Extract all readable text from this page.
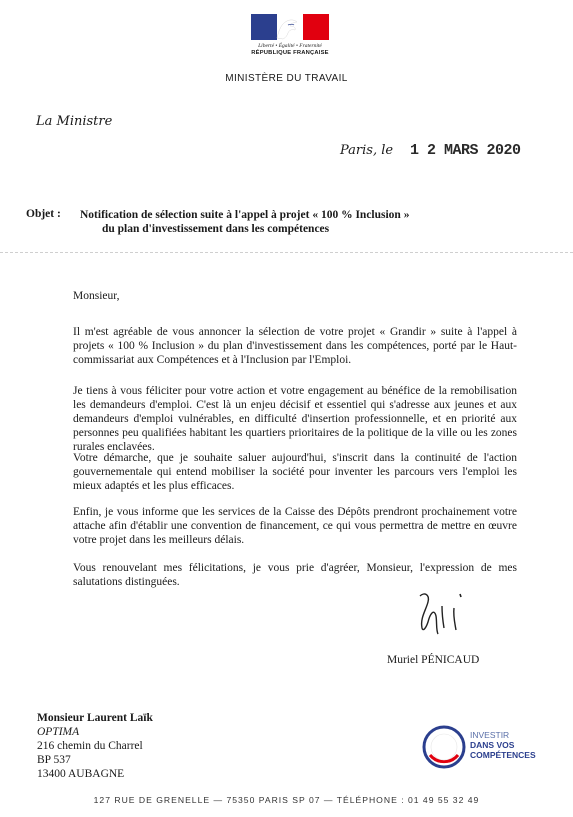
Liberté • Égalité • Fraternité
RÉPUBLIQUE FRANÇAISE
MINISTÈRE DU TRAVAIL
La Ministre
Paris, le 1 2 MARS 2020
Objet : Notification de sélection suite à l'appel à projet « 100 % Inclusion »
du plan d'investissement dans les compétences
Monsieur,
Il m'est agréable de vous annoncer la sélection de votre projet « Grandir » suite à l'appel à projets « 100 % Inclusion » du plan d'investissement dans les compétences, porté par le Haut-commissariat aux Compétences et à l'Inclusion par l'Emploi.
Je tiens à vous féliciter pour votre action et votre engagement au bénéfice de la remobilisation les demandeurs d'emploi. C'est là un enjeu décisif et essentiel qui s'adresse aux jeunes et aux demandeurs d'emploi vulnérables, en difficulté d'insertion professionnelle, et en priorité aux personnes peu qualifiées habitant les quartiers prioritaires de la politique de la ville ou les zones rurales enclavées.
Votre démarche, que je souhaite saluer aujourd'hui, s'inscrit dans la continuité de l'action gouvernementale qui entend mobiliser la société pour inventer les parcours vers l'emploi les mieux adaptés et les plus efficaces.
Enfin, je vous informe que les services de la Caisse des Dépôts prendront prochainement votre attache afin d'établir une convention de financement, ce qui vous permettra de mettre en œuvre votre projet dans les meilleurs délais.
Vous renouvelant mes félicitations, je vous prie d'agréer, Monsieur, l'expression de mes salutations distinguées.
Muriel PÉNICAUD
Monsieur Laurent Laïk
OPTIMA
216 chemin du Charrel
BP 537
13400 AUBAGNE
INVESTIR
DANS VOS
COMPÉTENCES
127 RUE DE GRENELLE — 75350 PARIS SP 07 — TÉLÉPHONE : 01 49 55 32 49
